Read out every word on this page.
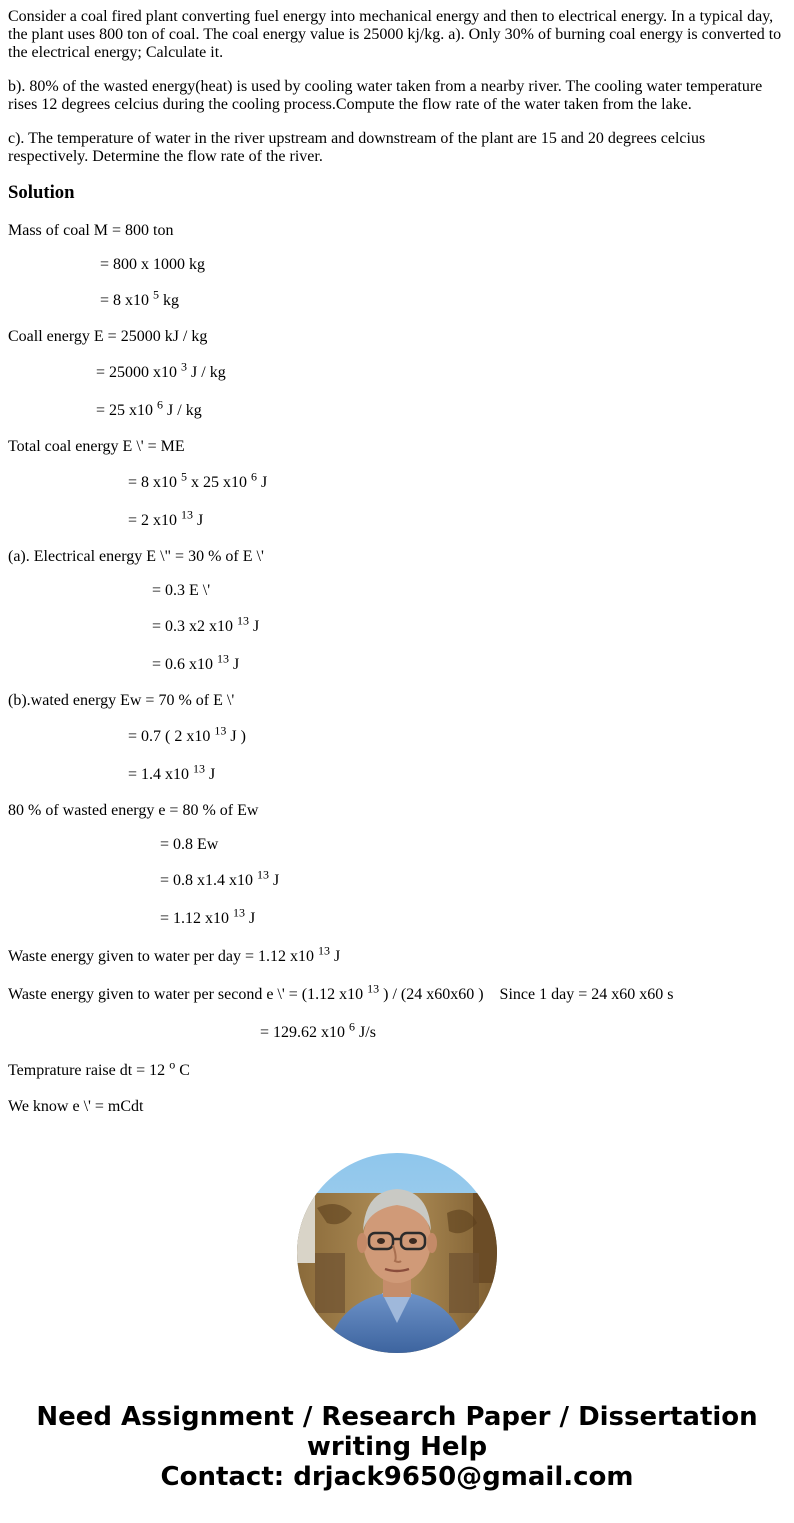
Consider a coal fired plant converting fuel energy into mechanical energy and then to electrical energy. In a typical day, the plant uses 800 ton of coal. The coal energy value is 25000 kj/kg. a). Only 30% of burning coal energy is converted to the electrical energy; Calculate it.

b). 80% of the wasted energy(heat) is used by cooling water taken from a nearby river. The cooling water temperature rises 12 degrees celcius during the cooling process.Compute the flow rate of the water taken from the lake.

c). The temperature of water in the river upstream and downstream of the plant are 15 and 20 degrees celcius respectively. Determine the flow rate of the river.

Solution

Mass of coal M = 800 ton

= 800 x 1000 kg

= 8 x10 $^5$ kg

Coall energy E = 25000 kJ / kg

= 25000 x10 $^3$ J / kg

= 25 x10 $^6$ J / kg

Total coal energy E \' = ME

= 8 x10 $^5$ x 25 x10 $^6$ J

= 2 x10 $^{13}$ J

(a). Electrical energy E \" = 30 % of E \'

= 0.3 E \'

= 0.3 x2 x10 $^{13}$ J

= 0.6 x10 $^{13}$ J

(b).wated energy Ew = 70 % of E \'

= 0.7 ( 2 x10 $^{13}$ J )

= 1.4 x10 $^{13}$ J

80 % of wasted energy e = 80 % of Ew

= 0.8 Ew

= 0.8 x1.4 x10 $^{13}$ J

= 1.12 x10 $^{13}$ J

Waste energy given to water per day = 1.12 x10 $^{13}$ J

Waste energy given to water per second e \' = (1.12 x10 $^{13}$ ) / (24 x60x60 )    Since 1 day = 24 x60 x60 s

= 129.62 x10 $^6$ J/s

Temprature raise dt = 12 $^o$ C

We know e \' = mCdt

Need Assignment / Research Paper / Dissertation
writing Help
Contact: drjack9650@gmail.com
